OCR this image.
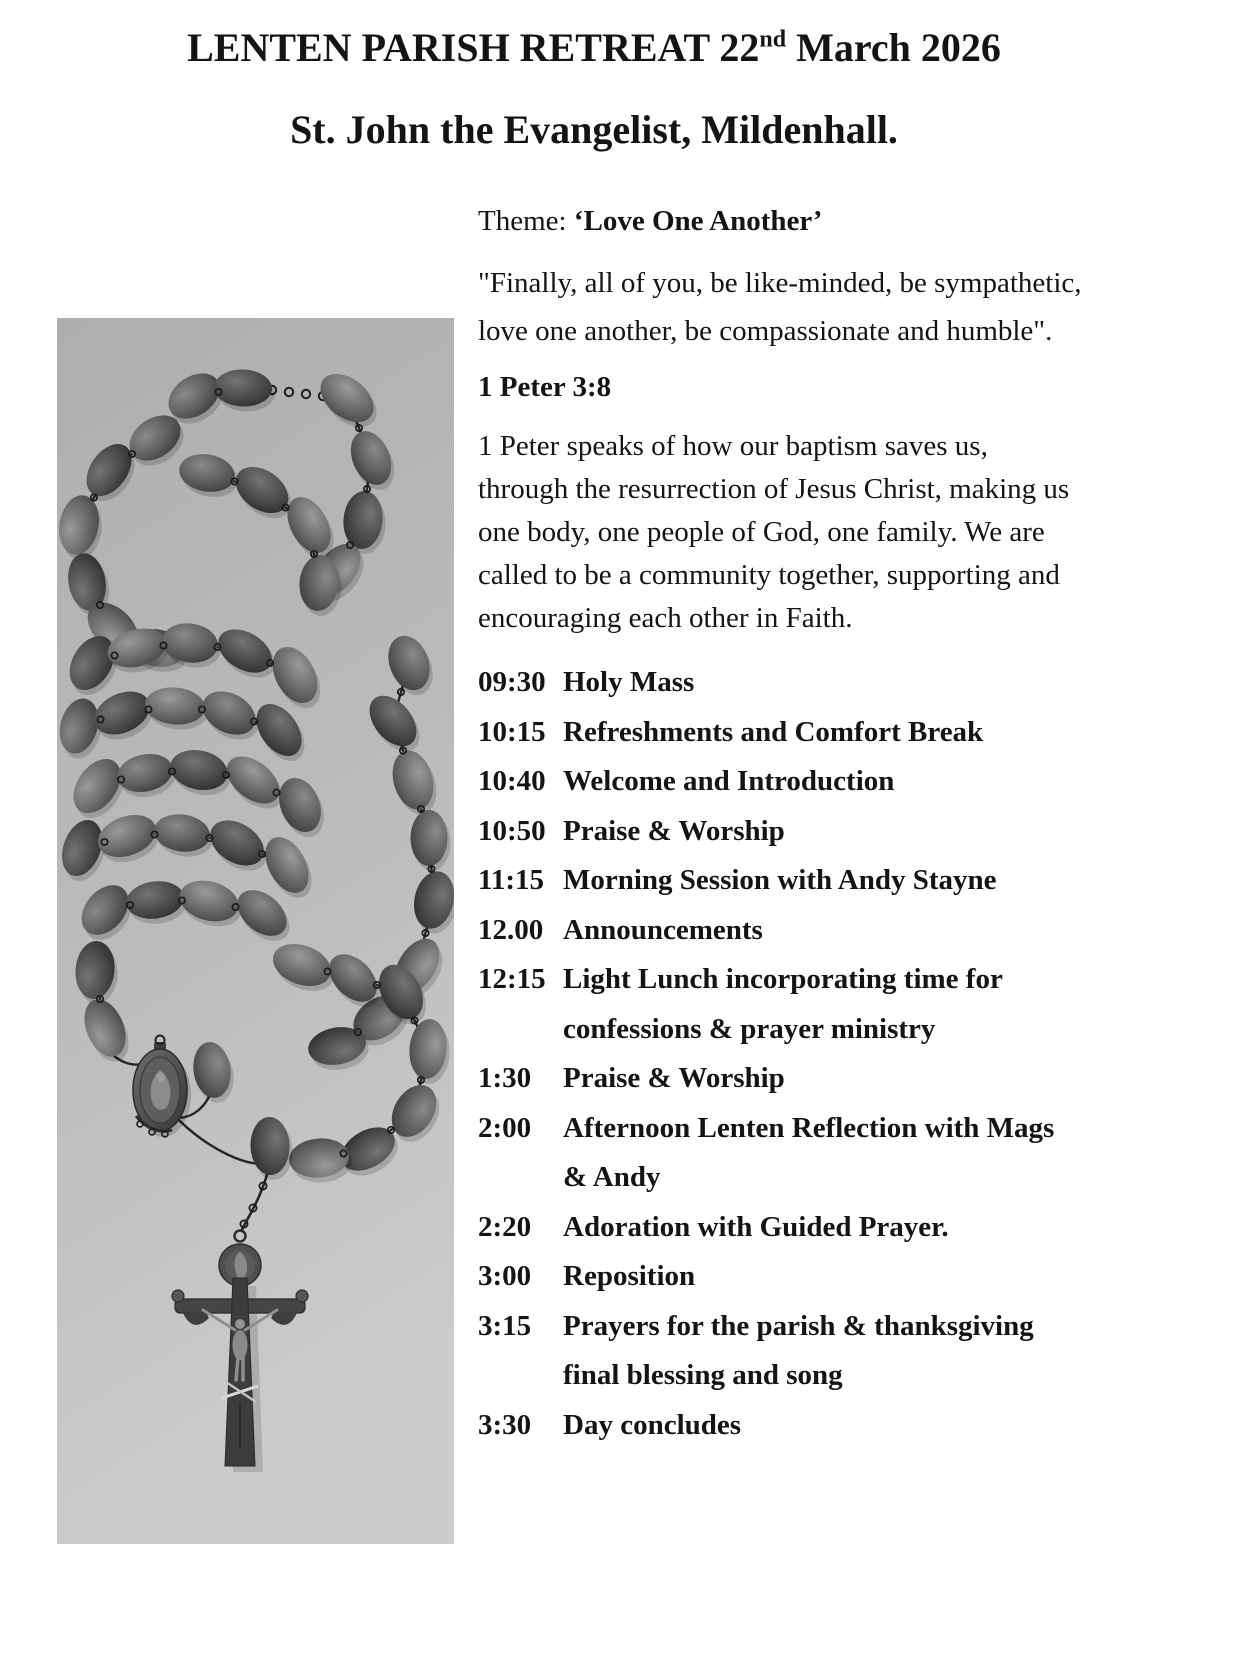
LENTEN PARISH RETREAT 22nd March 2026
St. John the Evangelist, Mildenhall.

Theme: ‘Love One Another’

"Finally, all of you, be like-minded, be sympathetic,
love one another, be compassionate and humble".

1 Peter 3:8

1 Peter speaks of how our baptism saves us,
through the resurrection of Jesus Christ, making us
one body, one people of God, one family. We are
called to be a community together, supporting and
encouraging each other in Faith.
09:30 Holy Mass
10:15 Refreshments and Comfort Break
10:40 Welcome and Introduction
10:50 Praise & Worship
11:15 Morning Session with Andy Stayne
12.00 Announcements
12:15 Light Lunch incorporating time for
confessions & prayer ministry
1:30	Praise & Worship
2:00	Afternoon Lenten Reflection with Mags
& Andy
2:20	Adoration with Guided Prayer.
3:00	Reposition
3:15	Prayers for the parish & thanksgiving
final blessing and song
3:30	Day concludes
